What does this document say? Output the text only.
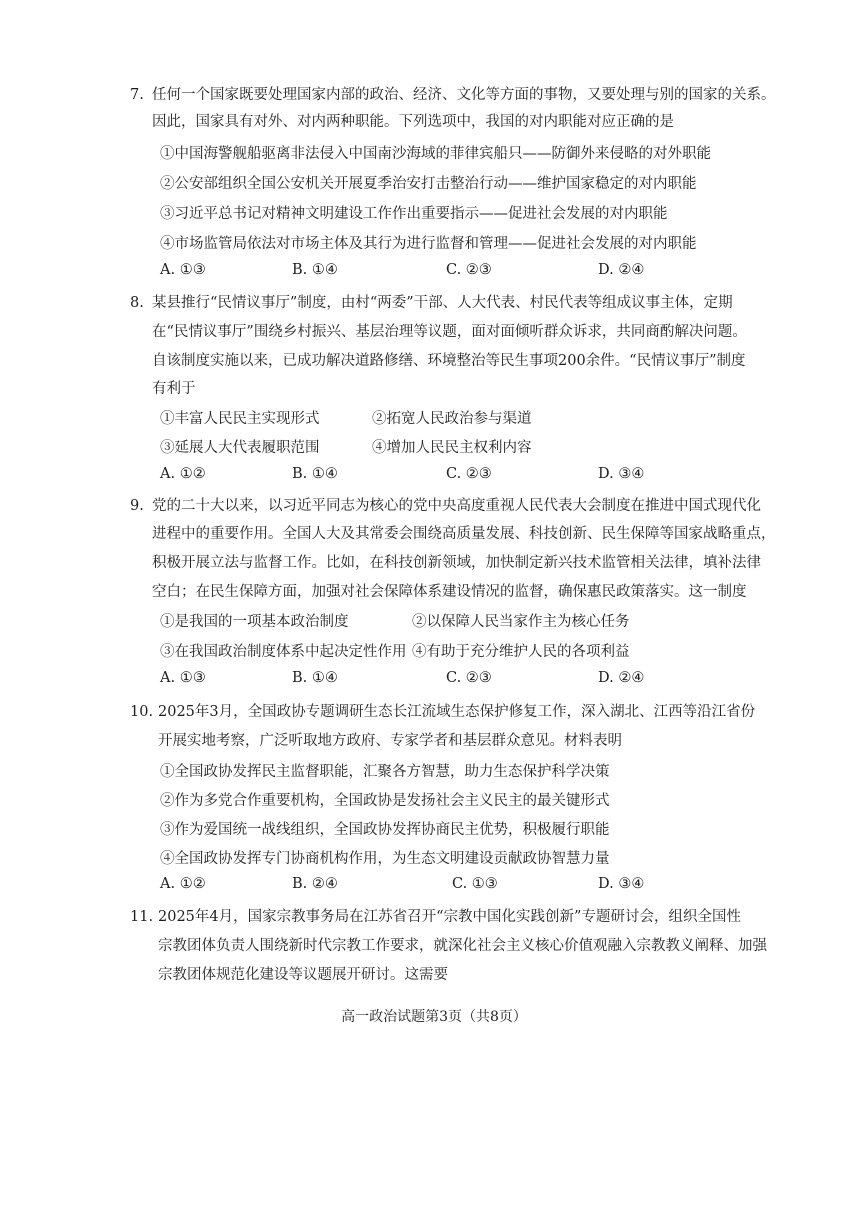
7. 任何一个国家既要处理国家内部的政治、经济、文化等方面的事物，又要处理与别的国家的关系。
因此，国家具有对外、对内两种职能。下列选项中，我国的对内职能对应正确的是
①中国海警舰船驱离非法侵入中国南沙海域的菲律宾船只——防御外来侵略的对外职能
②公安部组织全国公安机关开展夏季治安打击整治行动——维护国家稳定的对内职能
③习近平总书记对精神文明建设工作作出重要指示——促进社会发展的对内职能
④市场监管局依法对市场主体及其行为进行监督和管理——促进社会发展的对内职能
A. ①③	B. ①④	C. ②③	D. ②④
8. 某县推行“民情议事厅”制度，由村“两委”干部、人大代表、村民代表等组成议事主体，定期
在“民情议事厅”围绕乡村振兴、基层治理等议题，面对面倾听群众诉求，共同商酌解决问题。
自该制度实施以来，已成功解决道路修缮、环境整治等民生事项200余件。“民情议事厅”制度
有利于
①丰富人民民主实现形式	②拓宽人民政治参与渠道
③延展人大代表履职范围	④增加人民民主权利内容
A. ①②	B. ①④	C. ②③	D. ③④
9. 党的二十大以来，以习近平同志为核心的党中央高度重视人民代表大会制度在推进中国式现代化
进程中的重要作用。全国人大及其常委会围绕高质量发展、科技创新、民生保障等国家战略重点，
积极开展立法与监督工作。比如，在科技创新领域，加快制定新兴技术监管相关法律，填补法律
空白；在民生保障方面，加强对社会保障体系建设情况的监督，确保惠民政策落实。这一制度
①是我国的一项基本政治制度	②以保障人民当家作主为核心任务
③在我国政治制度体系中起决定性作用 ④有助于充分维护人民的各项利益
A. ①③	B. ①④	C. ②③	D. ②④
10. 2025年3月，全国政协专题调研生态长江流域生态保护修复工作，深入湖北、江西等沿江省份
开展实地考察，广泛听取地方政府、专家学者和基层群众意见。材料表明
①全国政协发挥民主监督职能，汇聚各方智慧，助力生态保护科学决策
②作为多党合作重要机构，全国政协是发扬社会主义民主的最关键形式
③作为爱国统一战线组织，全国政协发挥协商民主优势，积极履行职能
④全国政协发挥专门协商机构作用，为生态文明建设贡献政协智慧力量
A. ①②	B. ②④	C. ①③	D. ③④
11. 2025年4月，国家宗教事务局在江苏省召开“宗教中国化实践创新”专题研讨会，组织全国性
宗教团体负责人围绕新时代宗教工作要求，就深化社会主义核心价值观融入宗教教义阐释、加强
宗教团体规范化建设等议题展开研讨。这需要
高一政治试题第3页（共8页）
